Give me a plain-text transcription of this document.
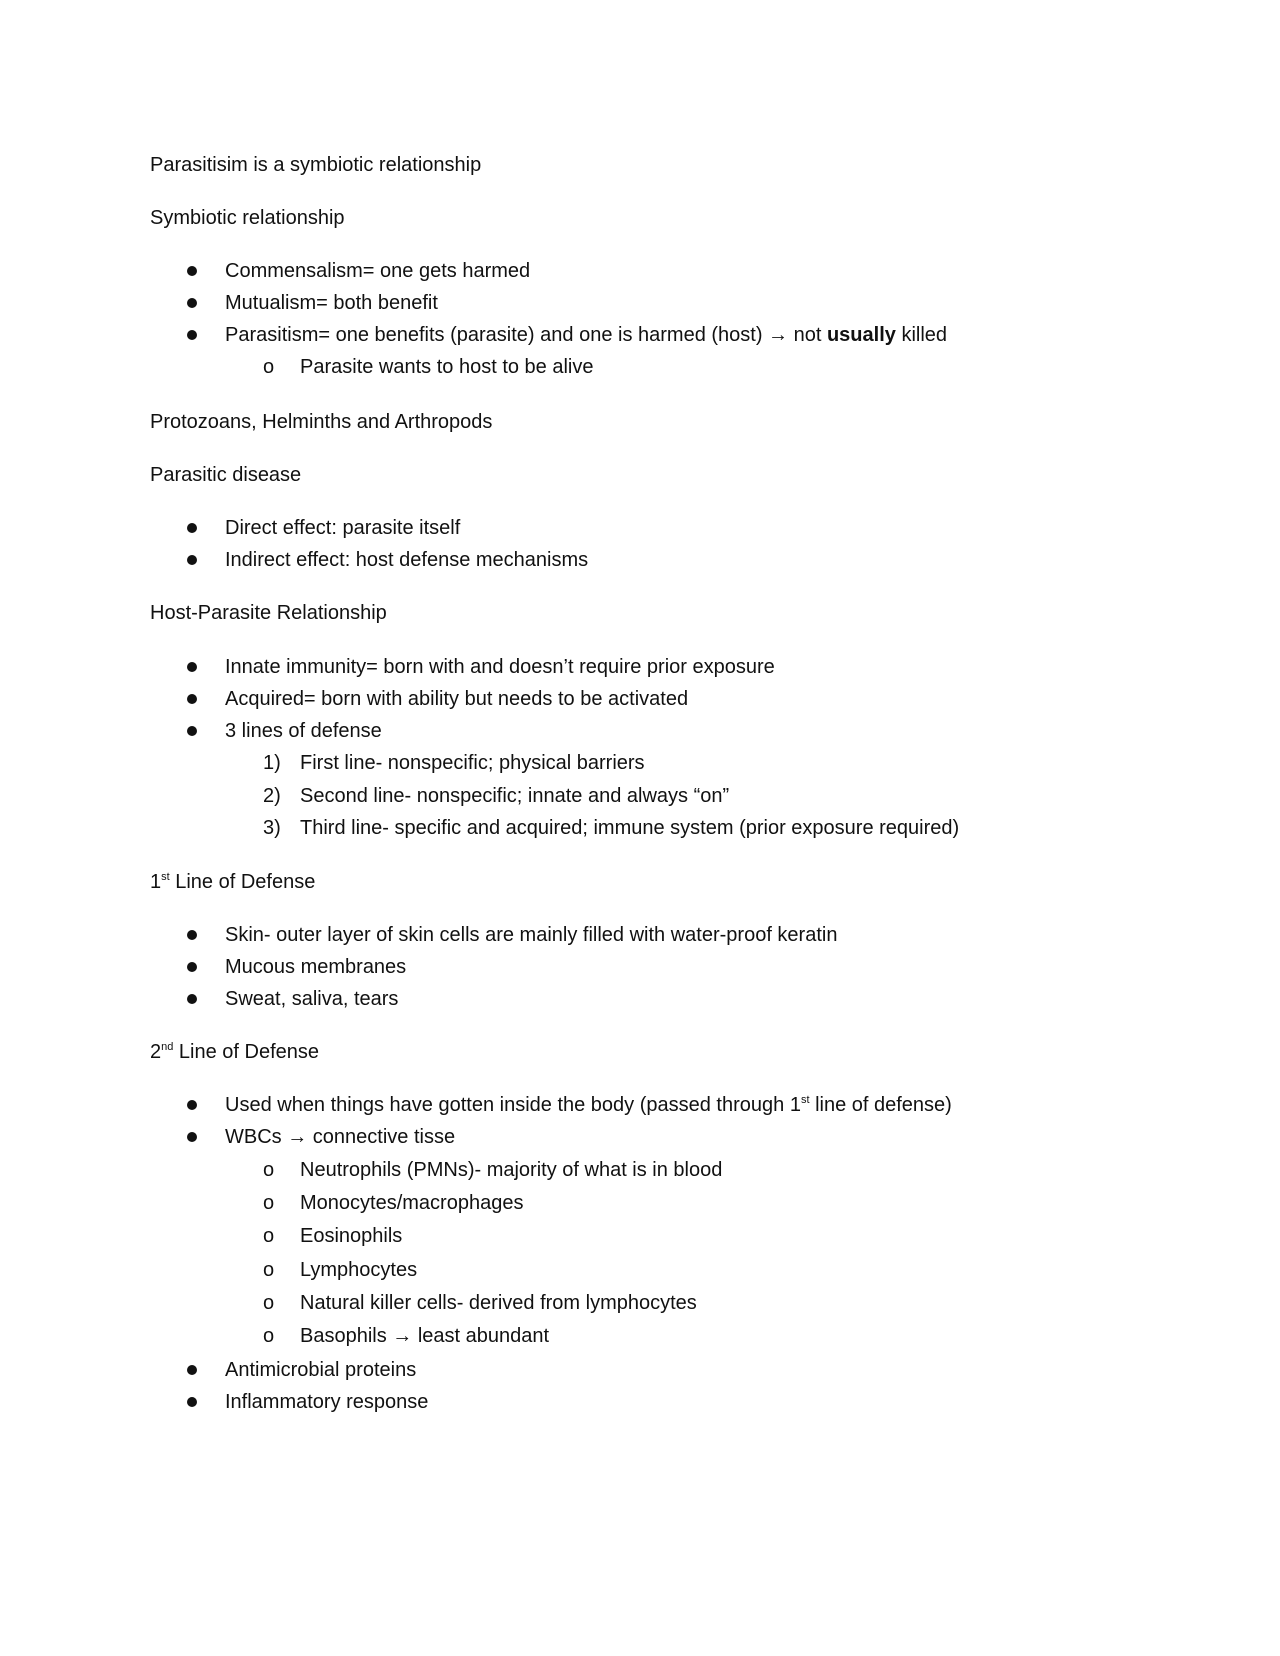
Parasitisim is a symbiotic relationship
Symbiotic relationship
Commensalism= one gets harmed
Mutualism= both benefit
Parasitism= one benefits (parasite) and one is harmed (host) → not usually killed
o Parasite wants to host to be alive
Protozoans, Helminths and Arthropods
Parasitic disease
Direct effect: parasite itself
Indirect effect: host defense mechanisms
Host-Parasite Relationship
Innate immunity= born with and doesn’t require prior exposure
Acquired= born with ability but needs to be activated
3 lines of defense
1) First line- nonspecific; physical barriers
2) Second line- nonspecific; innate and always “on”
3) Third line- specific and acquired; immune system (prior exposure required)
1st Line of Defense
Skin- outer layer of skin cells are mainly filled with water-proof keratin
Mucous membranes
Sweat, saliva, tears
2nd Line of Defense
Used when things have gotten inside the body (passed through 1st line of defense)
WBCs → connective tisse
o Neutrophils (PMNs)- majority of what is in blood
o Monocytes/macrophages
o Eosinophils
o Lymphocytes
o Natural killer cells- derived from lymphocytes
o Basophils → least abundant
Antimicrobial proteins
Inflammatory response
